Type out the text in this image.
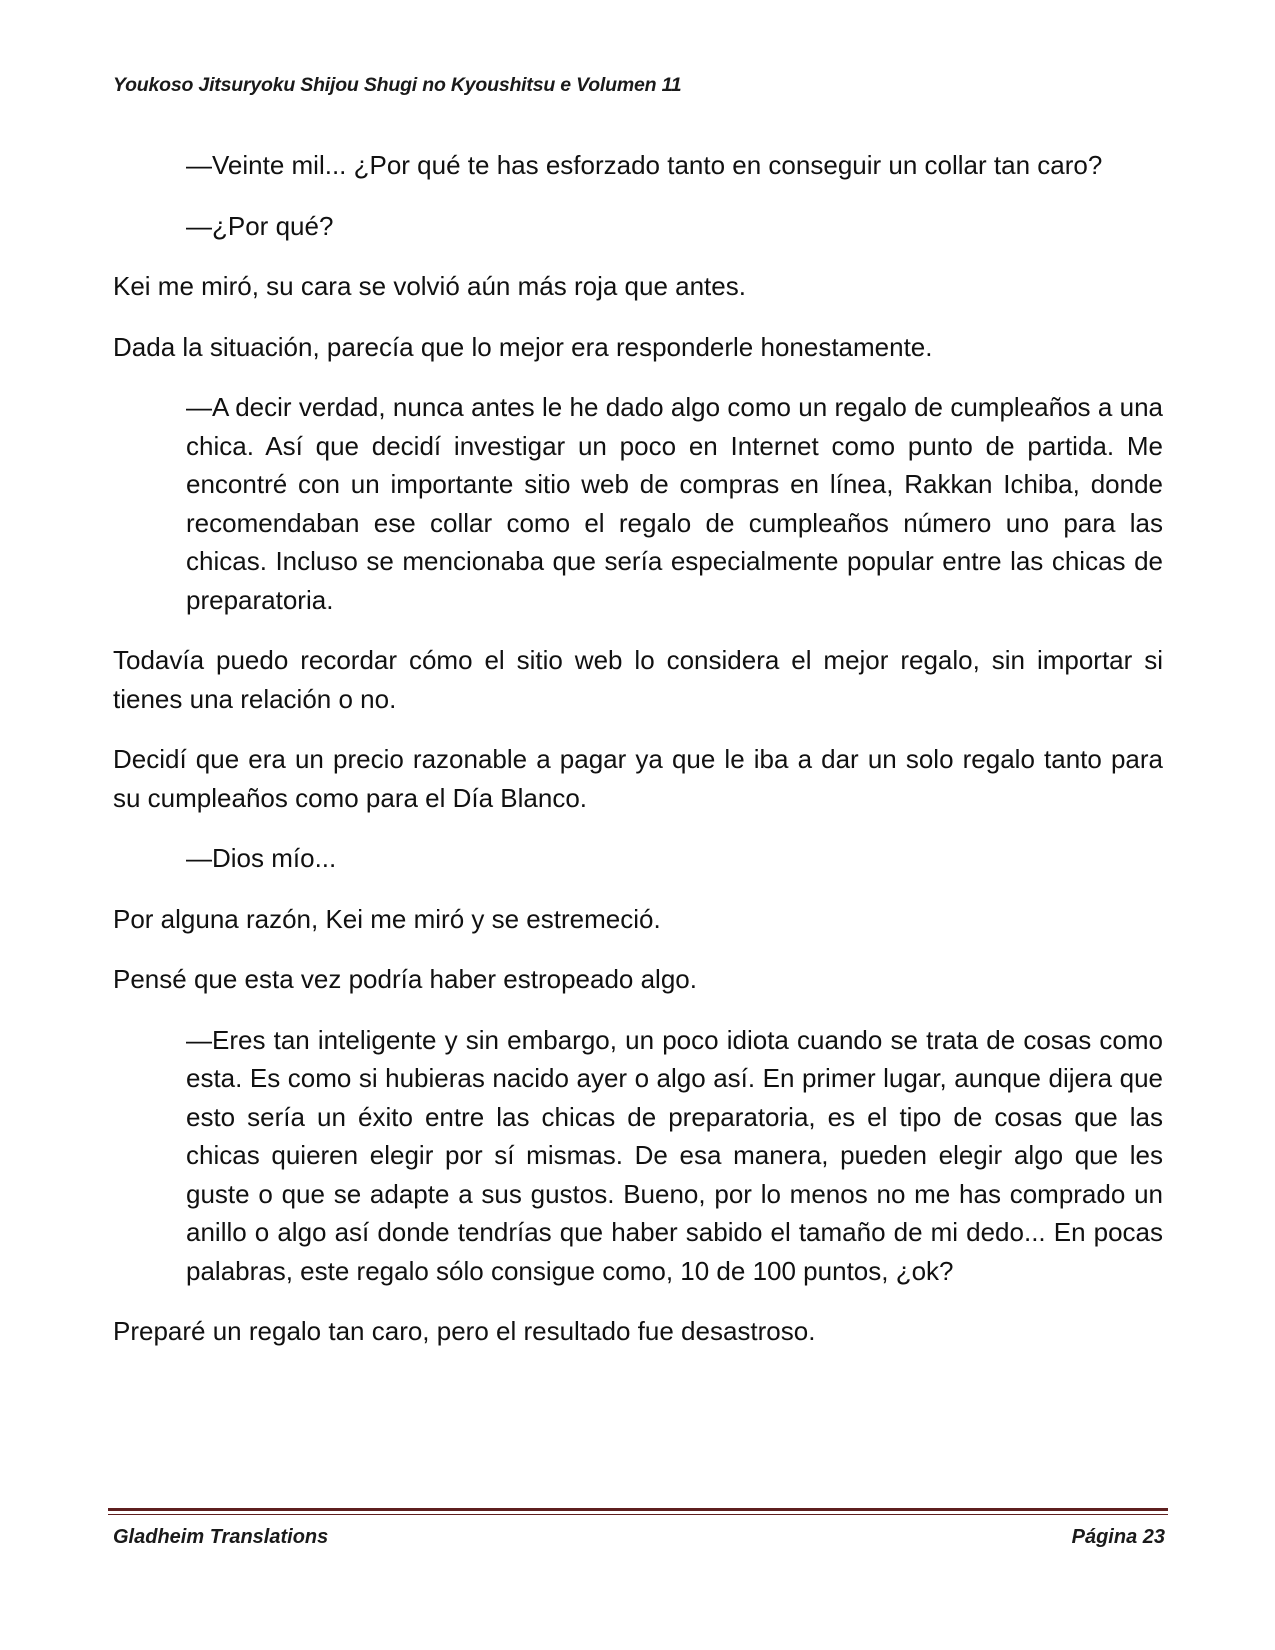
Youkoso Jitsuryoku Shijou Shugi no Kyoushitsu e Volumen 11

—Veinte mil... ¿Por qué te has esforzado tanto en conseguir un collar tan caro?

—¿Por qué?

Kei me miró, su cara se volvió aún más roja que antes.

Dada la situación, parecía que lo mejor era responderle honestamente.

—A decir verdad, nunca antes le he dado algo como un regalo de cumpleaños a una chica. Así que decidí investigar un poco en Internet como punto de partida. Me encontré con un importante sitio web de compras en línea, Rakkan Ichiba, donde recomendaban ese collar como el regalo de cumpleaños número uno para las chicas. Incluso se mencionaba que sería especialmente popular entre las chicas de preparatoria.

Todavía puedo recordar cómo el sitio web lo considera el mejor regalo, sin importar si tienes una relación o no.

Decidí que era un precio razonable a pagar ya que le iba a dar un solo regalo tanto para su cumpleaños como para el Día Blanco.

—Dios mío...

Por alguna razón, Kei me miró y se estremeció.

Pensé que esta vez podría haber estropeado algo.

—Eres tan inteligente y sin embargo, un poco idiota cuando se trata de cosas como esta. Es como si hubieras nacido ayer o algo así. En primer lugar, aunque dijera que esto sería un éxito entre las chicas de preparatoria, es el tipo de cosas que las chicas quieren elegir por sí mismas. De esa manera, pueden elegir algo que les guste o que se adapte a sus gustos. Bueno, por lo menos no me has comprado un anillo o algo así donde tendrías que haber sabido el tamaño de mi dedo... En pocas palabras, este regalo sólo consigue como, 10 de 100 puntos, ¿ok?

Preparé un regalo tan caro, pero el resultado fue desastroso.

Gladheim Translations	Página 23
